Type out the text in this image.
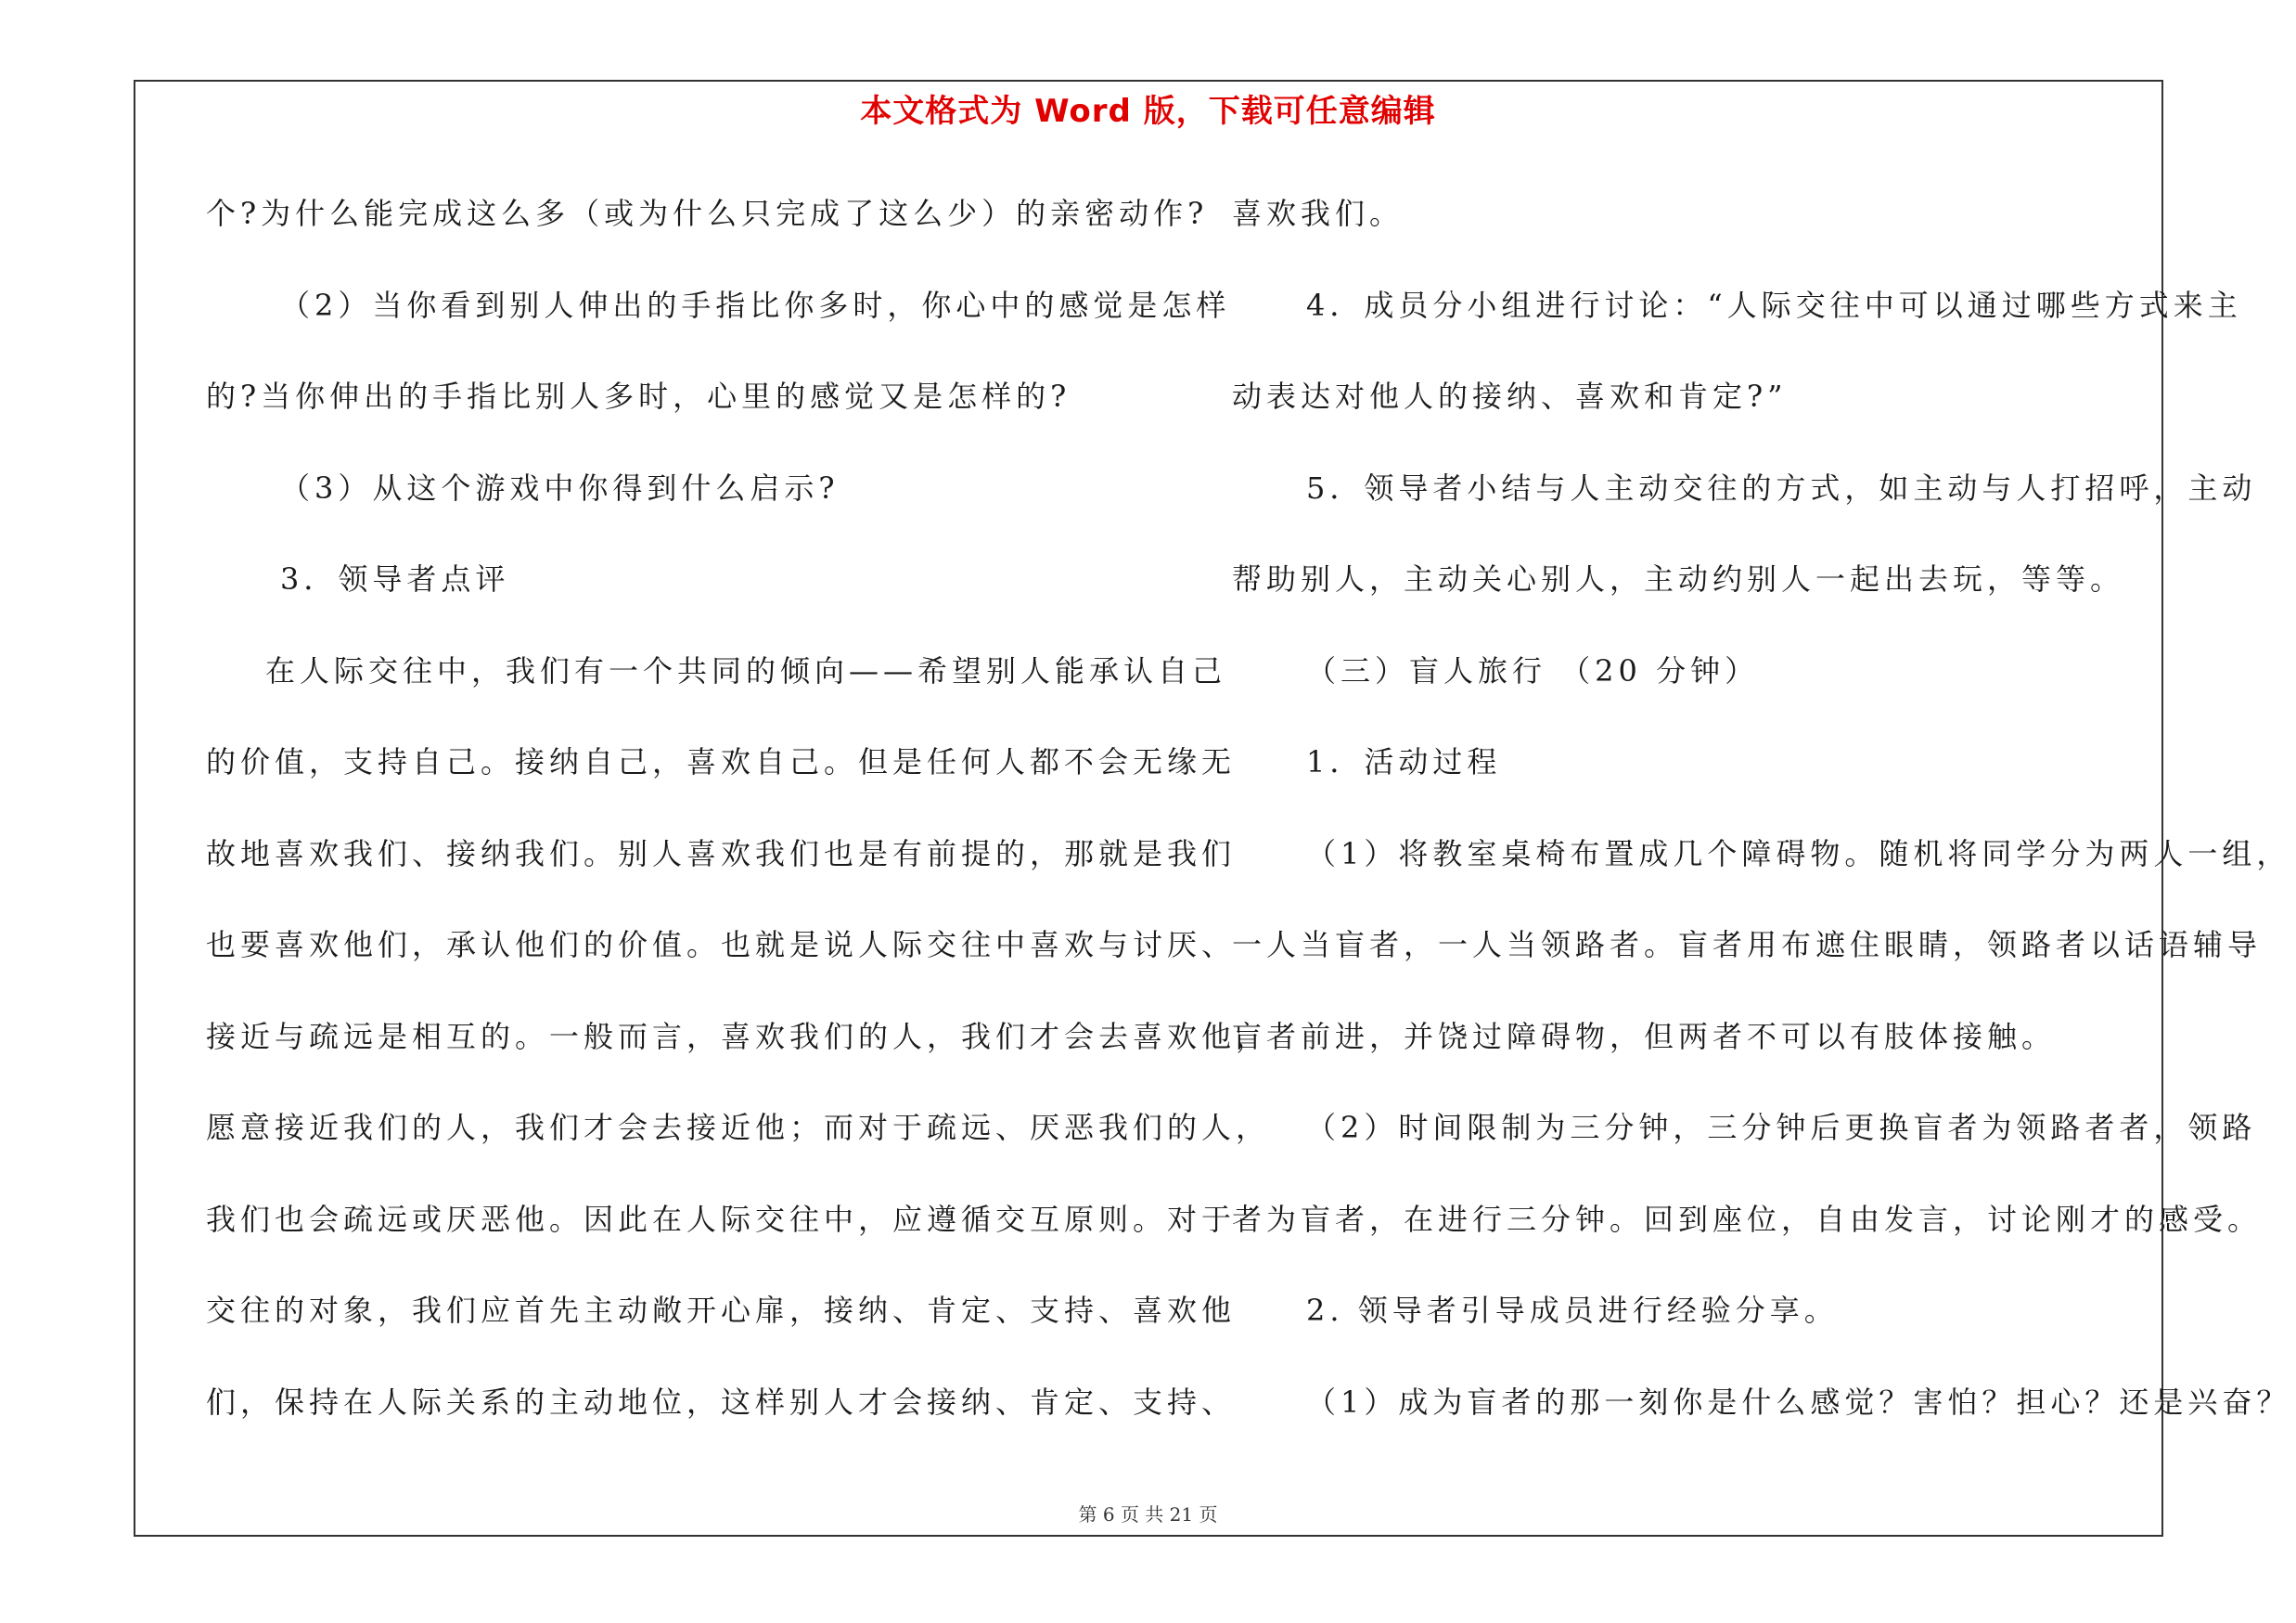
本文格式为 Word 版，下载可任意编辑
个?为什么能完成这么多（或为什么只完成了这么少）的亲密动作?
（2）当你看到别人伸出的手指比你多时，你心中的感觉是怎样
的?当你伸出的手指比别人多时，心里的感觉又是怎样的?
（3）从这个游戏中你得到什么启示?
3．领导者点评
在人际交往中，我们有一个共同的倾向——希望别人能承认自己
的价值，支持自己。接纳自己，喜欢自己。但是任何人都不会无缘无
故地喜欢我们、接纳我们。别人喜欢我们也是有前提的，那就是我们
也要喜欢他们，承认他们的价值。也就是说人际交往中喜欢与讨厌、
接近与疏远是相互的。一般而言，喜欢我们的人，我们才会去喜欢他，
愿意接近我们的人，我们才会去接近他；而对于疏远、厌恶我们的人，
我们也会疏远或厌恶他。因此在人际交往中，应遵循交互原则。对于
交往的对象，我们应首先主动敞开心扉，接纳、肯定、支持、喜欢他
们，保持在人际关系的主动地位，这样别人才会接纳、肯定、支持、
喜欢我们。
4．成员分小组进行讨论：“人际交往中可以通过哪些方式来主
动表达对他人的接纳、喜欢和肯定?”
5．领导者小结与人主动交往的方式，如主动与人打招呼，主动
帮助别人，主动关心别人，主动约别人一起出去玩，等等。
（三）盲人旅行 （20 分钟）
1．活动过程
（1）将教室桌椅布置成几个障碍物。随机将同学分为两人一组，
一人当盲者，一人当领路者。盲者用布遮住眼睛，领路者以话语辅导
盲者前进，并饶过障碍物，但两者不可以有肢体接触。
（2）时间限制为三分钟，三分钟后更换盲者为领路者者，领路
者为盲者，在进行三分钟。回到座位，自由发言，讨论刚才的感受。
2. 领导者引导成员进行经验分享。
（1）成为盲者的那一刻你是什么感觉？害怕？担心？还是兴奋？
第 6 页 共 21 页
